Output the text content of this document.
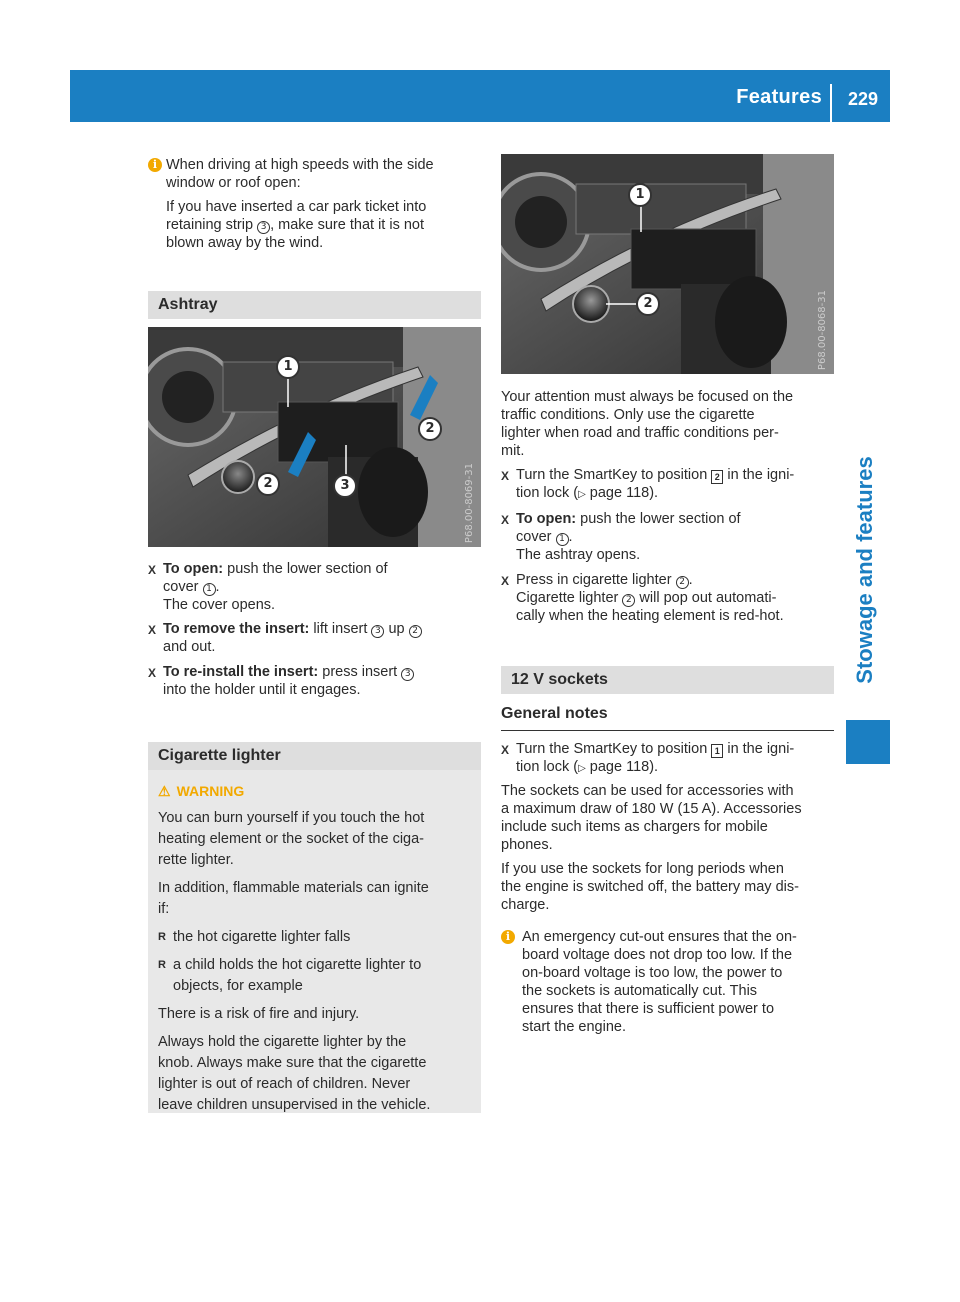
Features 229
Stowage and features
i When driving at high speeds with the side
window or roof open:
If you have inserted a car park ticket into
retaining strip 3 , make sure that it is not
blown away by the wind.
Ashtray
1
2
2	3	P68.00-8069-31
X To open: push the lower section of
cover 1 .
The cover opens.
X To remove the insert: lift insert 3 up 2
and out.
X To re-install the insert: press insert 3
into the holder until it engages.
Cigarette lighter
⚠ WARNING
You can burn yourself if you touch the hot
heating element or the socket of the ciga-
rette lighter.
In addition, flammable materials can ignite
if:
R the hot cigarette lighter falls
R a child holds the hot cigarette lighter to
objects, for example
There is a risk of fire and injury.
Always hold the cigarette lighter by the
knob. Always make sure that the cigarette
lighter is out of reach of children. Never
leave children unsupervised in the vehicle.
1
2	P68.00-8068-31
Your attention must always be focused on the
traffic conditions. Only use the cigarette
lighter when road and traffic conditions per-
mit.
X Turn the SmartKey to position 2 in the igni-
tion lock (▷ page 118).
X To open: push the lower section of
cover 1 .
The ashtray opens.
X Press in cigarette lighter 2 .
Cigarette lighter 2 will pop out automati-
cally when the heating element is red-hot.
12 V sockets
General notes
X Turn the SmartKey to position 1 in the igni-
tion lock (▷ page 118).
The sockets can be used for accessories with
a maximum draw of 180 W (15 A). Accessories
include such items as chargers for mobile
phones.
If you use the sockets for long periods when
the engine is switched off, the battery may dis-
charge.
i An emergency cut-out ensures that the on-
board voltage does not drop too low. If the
on-board voltage is too low, the power to
the sockets is automatically cut. This
ensures that there is sufficient power to
start the engine.
